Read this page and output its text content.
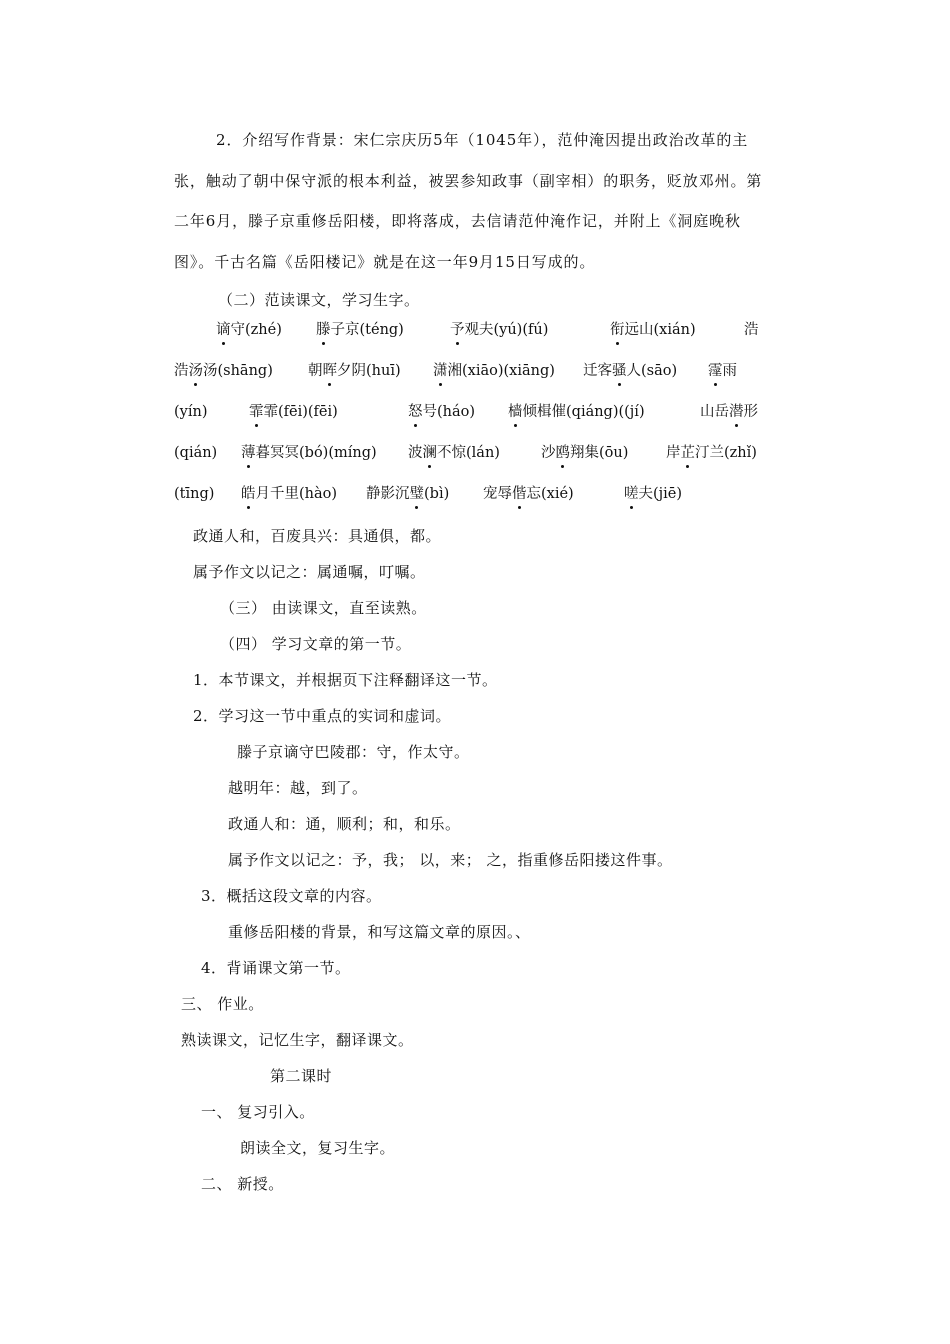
2．介绍写作背景：宋仁宗庆历5年（1045年），范仲淹因提出政治改革的主张，触动了朝中保守派的根本利益，被罢参知政事（副宰相）的职务，贬放邓州。第二年6月，滕子京重修岳阳楼，即将落成，去信请范仲淹作记，并附上《洞庭晚秋图》。千古名篇《岳阳楼记》就是在这一年9月15日写成的。
（二）范读课文，学习生字。
谪守(zhé) 滕子京(téng)	予观夫(yú)(fú)	衔远山(xián)	浩
浩汤汤(shāng) 朝晖夕阴(huī) 潇湘(xiāo)(xiāng) 迁客骚人(sāo) 霪雨
(yín)	霏霏(fēi)(fēi)	怒号(háo) 樯倾楫催(qiáng)((jí)	山岳潜形
(qián) 薄暮冥冥(bó)(míng) 波澜不惊(lán)	沙鸥翔集(ōu)	岸芷汀兰(zhǐ)
(tīng) 皓月千里(hào) 静影沉璧(bì) 宠辱偕忘(xié)	嗟夫(jiē)
政通人和，百废具兴：具通俱，都。
属予作文以记之：属通嘱，叮嘱。
（三） 由读课文，直至读熟。
（四） 学习文章的第一节。
1．本节课文，并根据页下注释翻译这一节。
2．学习这一节中重点的实词和虚词。
滕子京谪守巴陵郡：守，作太守。
越明年：越，到了。
政通人和：通，顺利；和，和乐。
属予作文以记之：予，我； 以，来； 之，指重修岳阳搂这件事。
3．概括这段文章的内容。
重修岳阳楼的背景，和写这篇文章的原因。、
4．背诵课文第一节。
三、 作业。
熟读课文，记忆生字，翻译课文。
第二课时
一、 复习引入。
朗读全文，复习生字。
二、 新授。
